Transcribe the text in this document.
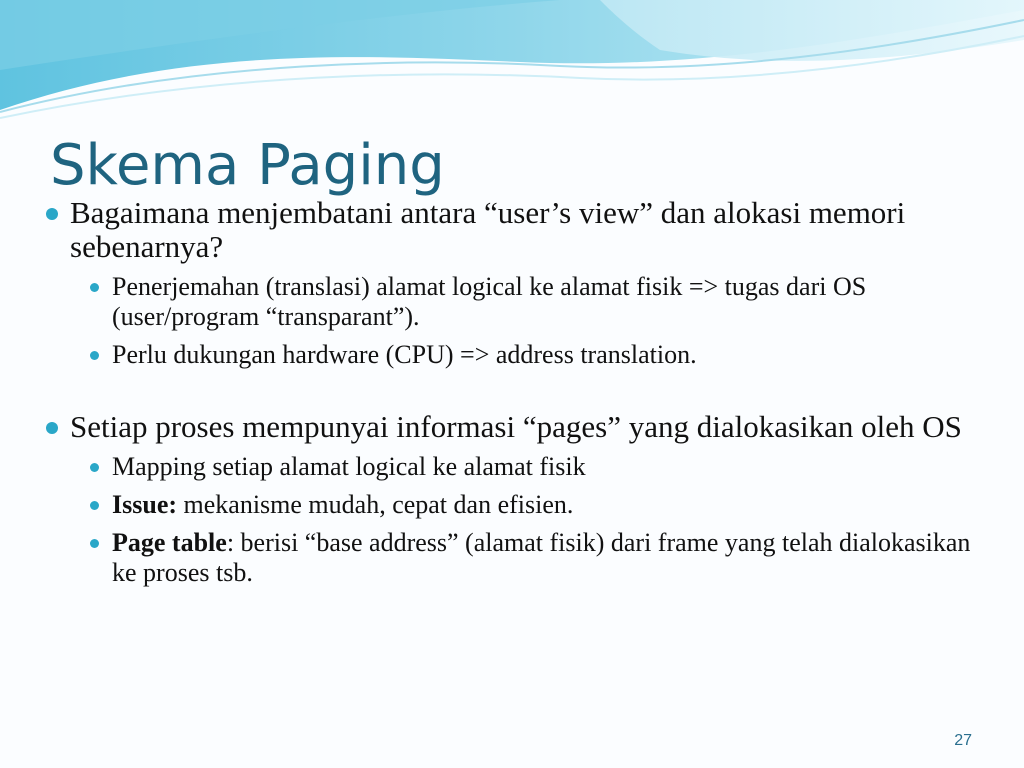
Skema Paging
Bagaimana menjembatani antara “user’s view” dan alokasi memori sebenarnya?
Penerjemahan (translasi) alamat logical ke alamat fisik => tugas dari OS (user/program “transparant”).
Perlu dukungan hardware (CPU) => address translation.
Setiap proses mempunyai informasi “pages” yang dialokasikan oleh OS
Mapping setiap alamat logical ke alamat fisik
Issue: mekanisme mudah, cepat dan efisien.
Page table: berisi “base address” (alamat fisik) dari frame yang telah dialokasikan ke proses tsb.
27
